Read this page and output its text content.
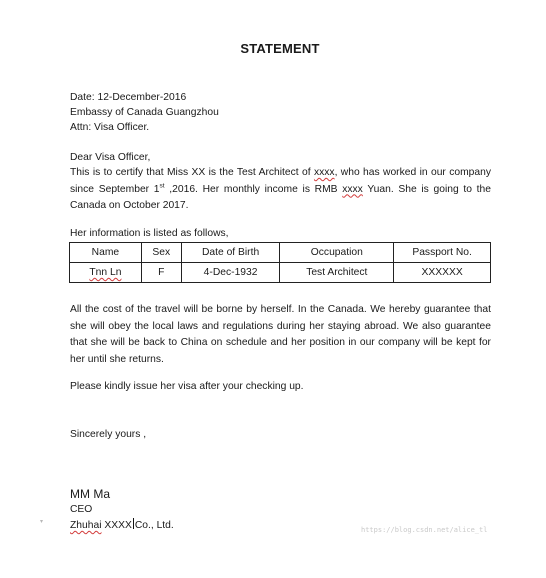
STATEMENT
Date: 12-December-2016
Embassy of Canada Guangzhou
Attn: Visa Officer.
Dear Visa Officer,
This is to certify that Miss XX is the Test Architect of xxxx, who has worked in our company since September 1st ,2016. Her monthly income is RMB xxxx Yuan. She is going to the Canada on October 2017.
Her information is listed as follows,
Name	Sex	Date of Birth	Occupation	Passport No.
Tnn Ln	F	4-Dec-1932	Test Architect	XXXXXX
All the cost of the travel will be borne by herself. In the Canada. We hereby guarantee that she will obey the local laws and regulations during her staying abroad. We also guarantee that she will be back to China on schedule and her position in our company will be kept for her until she returns.
Please kindly issue her visa after your checking up.
Sincerely yours ,
MM Ma
CEO
Zhuhai XXXX Co., Ltd.
▾
https://blog.csdn.net/alice_tl
